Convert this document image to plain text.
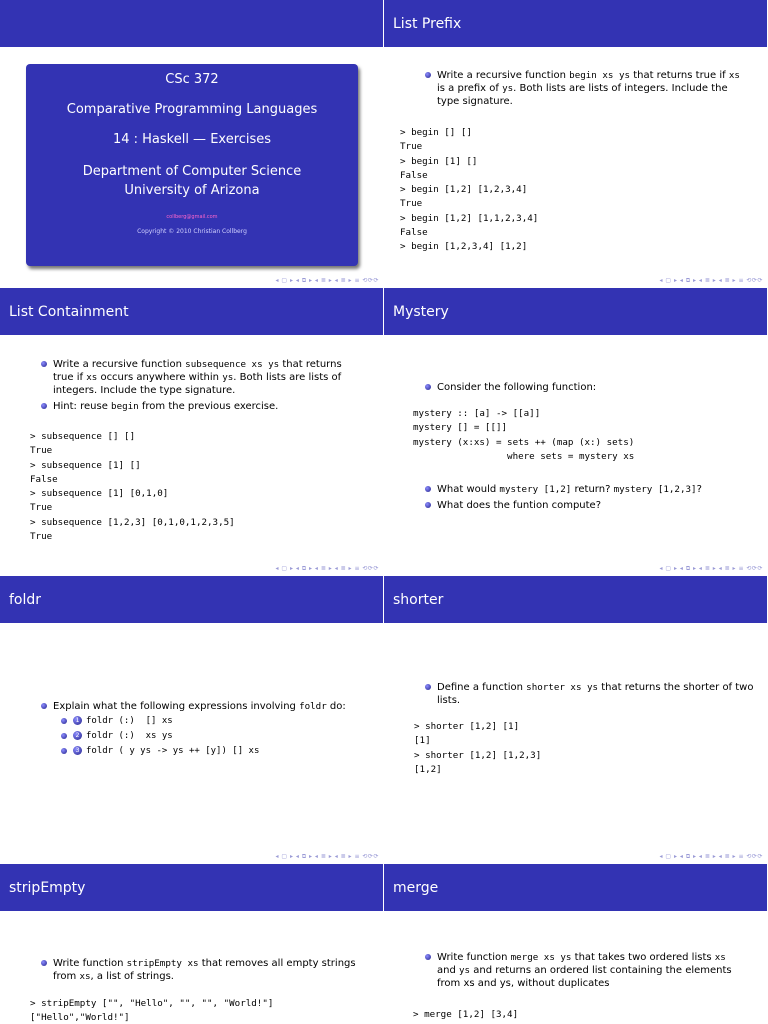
CSc 372
Comparative Programming Languages
14 : Haskell — Exercises
Department of Computer Science
University of Arizona
collberg@gmail.com
Copyright © 2010 Christian Collberg
◂ ▢ ▸ ◂ ⧉ ▸ ◂ ≣ ▸ ◂ ≣ ▸ ≡ ⟲⟳⟳
List Prefix
Write a recursive function begin xs ys that returns true if xs is a prefix of ys. Both lists are lists of integers. Include the type signature.
> begin [] []
True
> begin [1] []
False
> begin [1,2] [1,2,3,4]
True
> begin [1,2] [1,1,2,3,4]
False
> begin [1,2,3,4] [1,2]
◂ ▢ ▸ ◂ ⧉ ▸ ◂ ≣ ▸ ◂ ≣ ▸ ≡ ⟲⟳⟳
List Containment
Write a recursive function subsequence xs ys that returns true if xs occurs anywhere within ys. Both lists are lists of integers. Include the type signature.
Hint: reuse begin from the previous exercise.
> subsequence [] []
True
> subsequence [1] []
False
> subsequence [1] [0,1,0]
True
> subsequence [1,2,3] [0,1,0,1,2,3,5]
True
◂ ▢ ▸ ◂ ⧉ ▸ ◂ ≣ ▸ ◂ ≣ ▸ ≡ ⟲⟳⟳
Mystery
Consider the following function:
mystery :: [a] -> [[a]]
mystery [] = [[]]
mystery (x:xs) = sets ++ (map (x:) sets)
where sets = mystery xs
What would mystery [1,2] return? mystery [1,2,3]?
What does the funtion compute?
◂ ▢ ▸ ◂ ⧉ ▸ ◂ ≣ ▸ ◂ ≣ ▸ ≡ ⟲⟳⟳
foldr
Explain what the following expressions involving foldr do:
1 foldr (:)  [] xs
2 foldr (:)  xs ys
3 foldr ( y ys -> ys ++ [y]) [] xs
◂ ▢ ▸ ◂ ⧉ ▸ ◂ ≣ ▸ ◂ ≣ ▸ ≡ ⟲⟳⟳
shorter
Define a function shorter xs ys that returns the shorter of two lists.
> shorter [1,2] [1]
[1]
> shorter [1,2] [1,2,3]
[1,2]
◂ ▢ ▸ ◂ ⧉ ▸ ◂ ≣ ▸ ◂ ≣ ▸ ≡ ⟲⟳⟳
stripEmpty
Write function stripEmpty xs that removes all empty strings from xs, a list of strings.
> stripEmpty ["", "Hello", "", "", "World!"]
["Hello","World!"]
merge
Write function merge xs ys that takes two ordered lists xs and ys and returns an ordered list containing the elements from xs and ys, without duplicates
> merge [1,2] [3,4]
